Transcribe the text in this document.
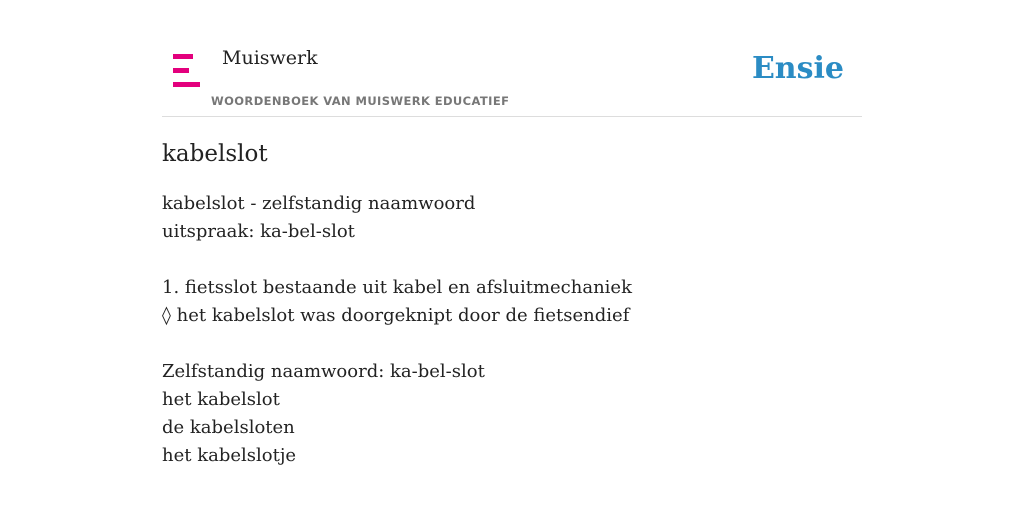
Muiswerk
WOORDENBOEK VAN MUISWERK EDUCATIEF
Ensie
kabelslot
kabelslot - zelfstandig naamwoord
uitspraak: ka-bel-slot
1. fietsslot bestaande uit kabel en afsluitmechaniek
◊ het kabelslot was doorgeknipt door de fietsendief
Zelfstandig naamwoord: ka-bel-slot
het kabelslot
de kabelsloten
het kabelslotje
